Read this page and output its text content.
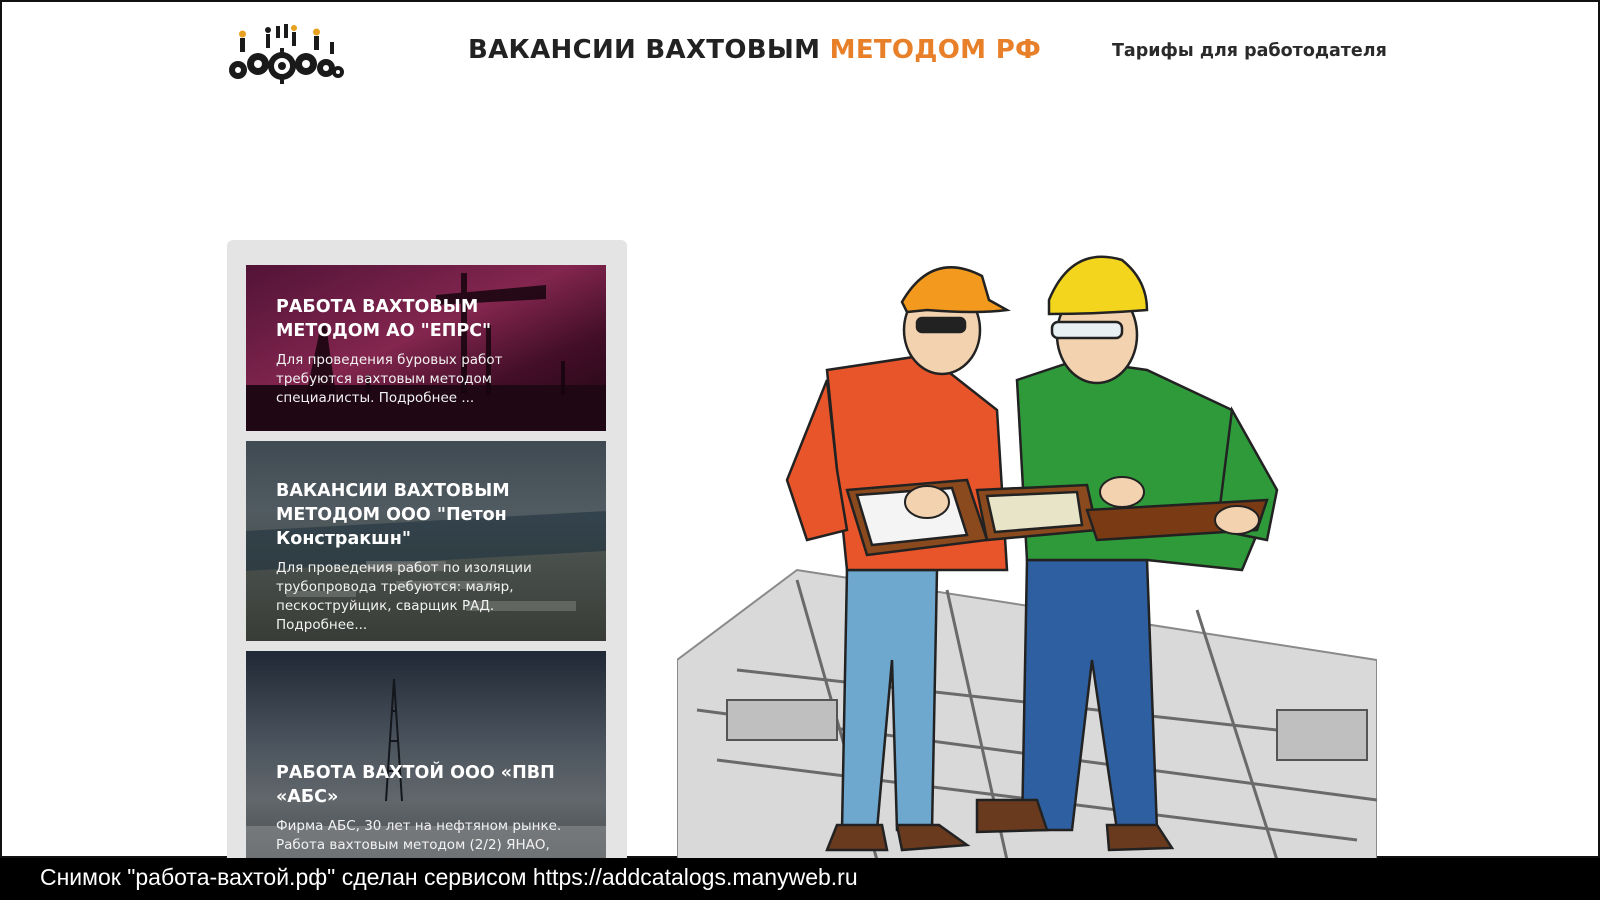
ВАКАНСИИ ВАХТОВЫМ МЕТОДОМ РФ	Тарифы для работодателя
РАБОТА ВАХТОВЫМ МЕТОДОМ АО "ЕПРС"

Для проведения буровых работ требуются вахтовым методом специалисты. Подробнее ...

ВАКАНСИИ ВАХТОВЫМ МЕТОДОМ ООО "Петон Констракшн"

Для проведения работ по изоляции трубопровода требуются: маляр, пескоструйщик, сварщик РАД. Подробнее...

РАБОТА ВАХТОЙ ООО «ПВП «АБС»

Фирма АБС, 30 лет на нефтяном рынке. Работа вахтовым методом (2/2) ЯНАО,

Снимок "работа-вахтой.рф" сделан сервисом https://addcatalogs.manyweb.ru
